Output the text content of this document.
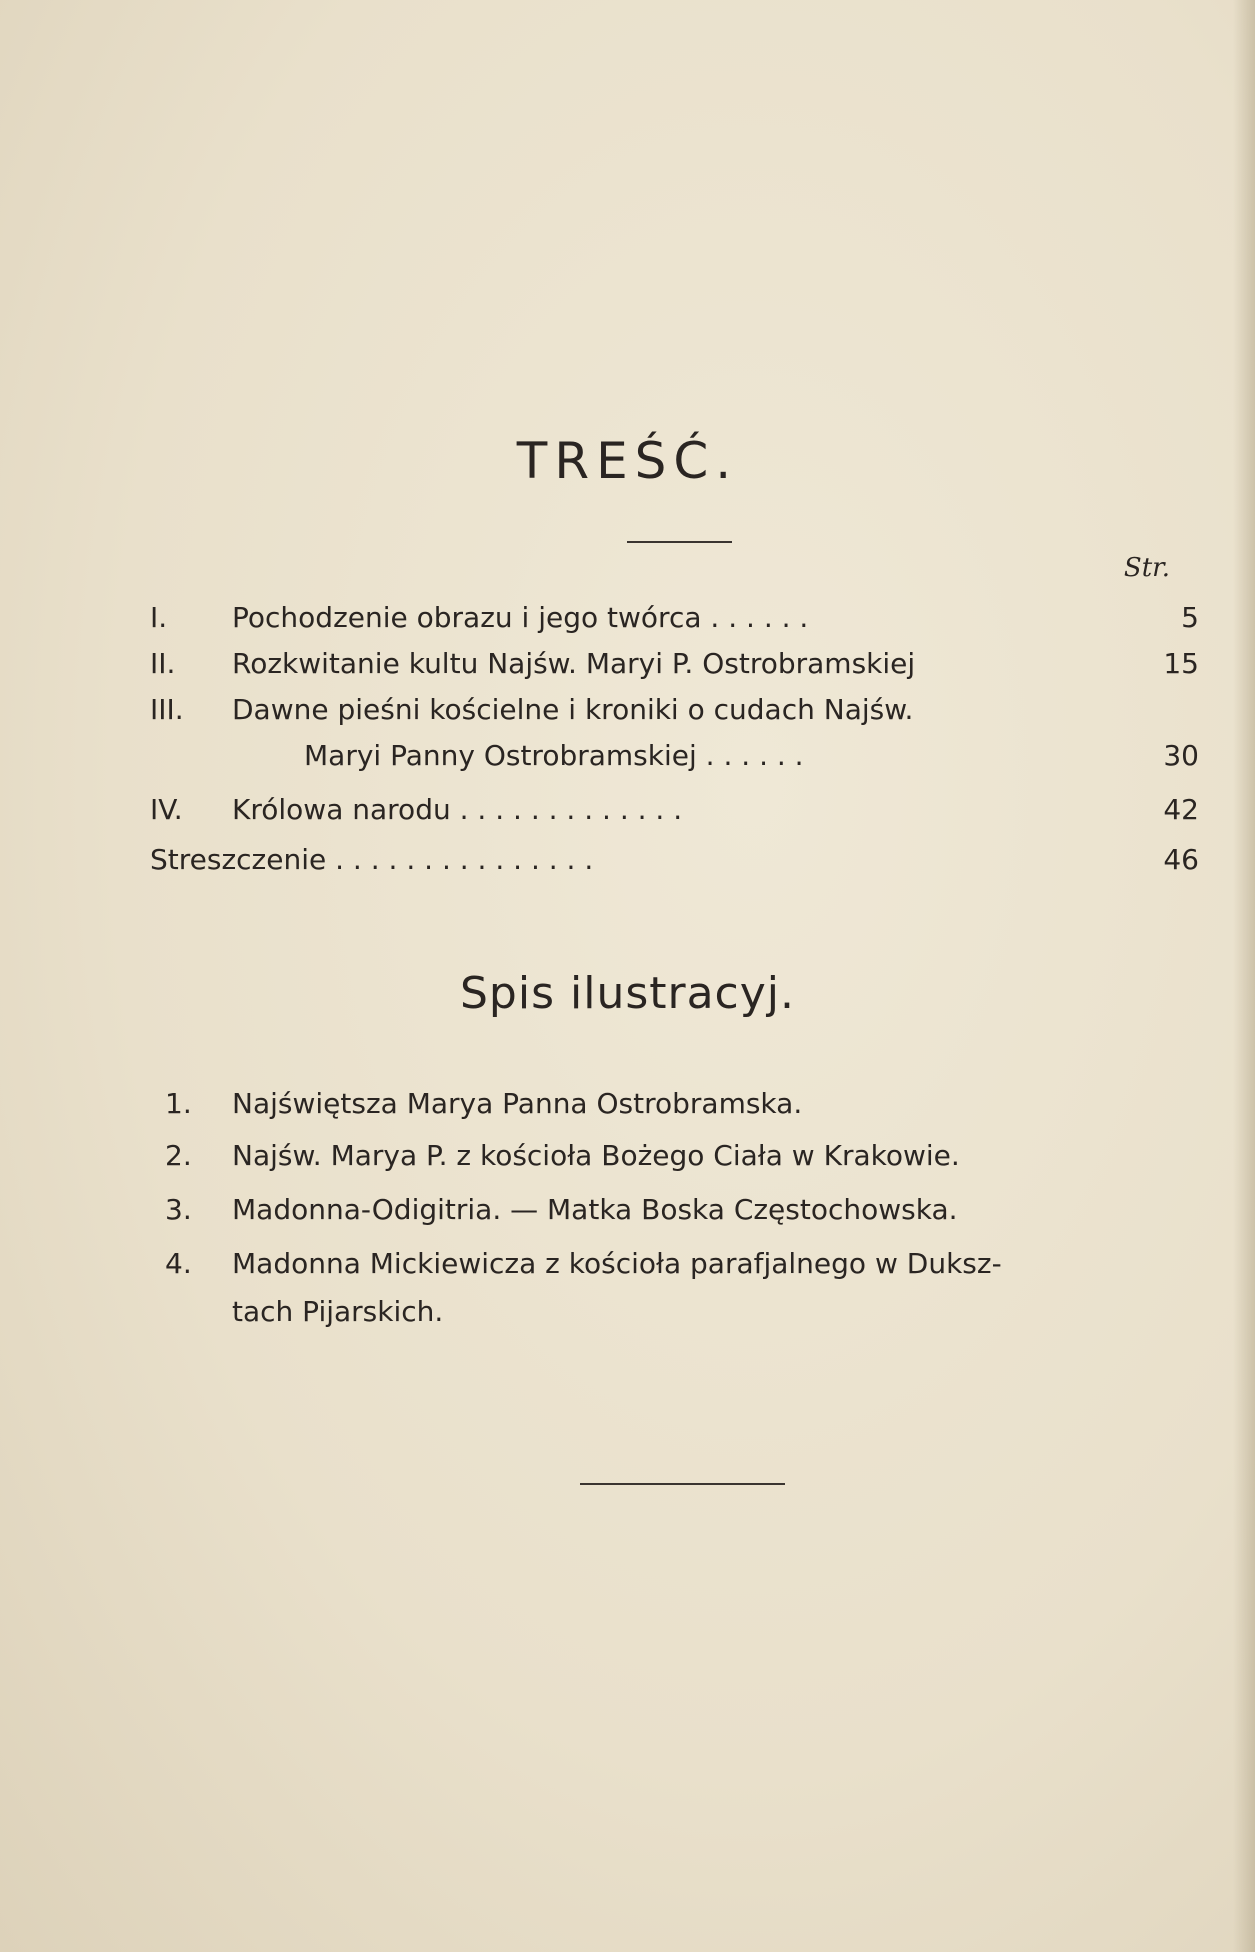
TREŚĆ.
Str.
I.	Pochodzenie obrazu i jego twórca . . . . . .	5
II.	Rozkwitanie kultu Najśw. Maryi P. Ostrobramskiej	15
III.	Dawne pieśni kościelne i kroniki o cudach Najśw.
Maryi Panny Ostrobramskiej . . . . . .	30
IV.	Królowa narodu . . . . . . . . . . . . .	42
Streszczenie . . . . . . . . . . . . . . .	46
Spis ilustracyj.
1. Najświętsza Marya Panna Ostrobramska.
2. Najśw. Marya P. z kościoła Bożego Ciała w Krakowie.
3. Madonna-Odigitria. — Matka Boska Częstochowska.
4. Madonna Mickiewicza z kościoła parafjalnego w Duksz-
tach Pijarskich.
